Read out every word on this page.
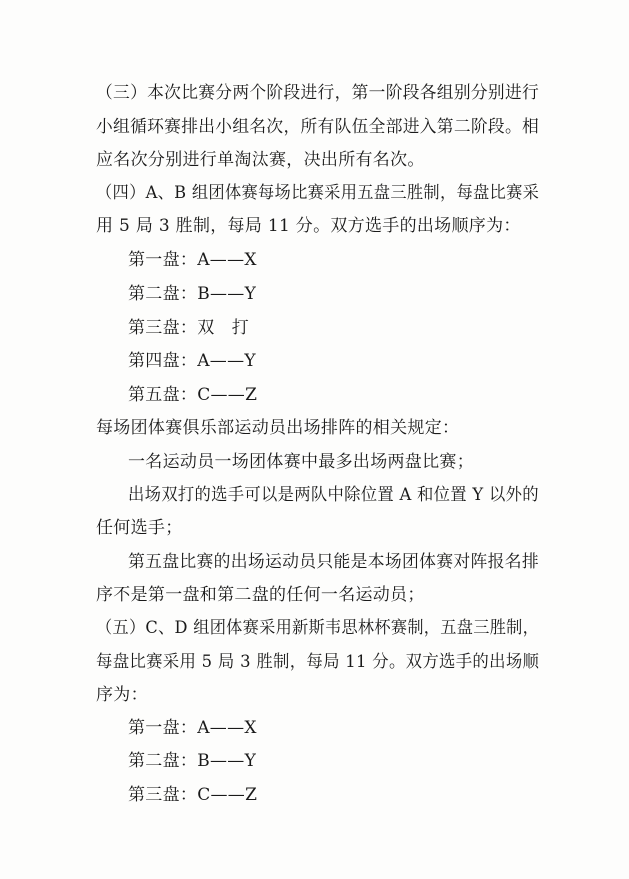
（三）本次比赛分两个阶段进行，第一阶段各组别分别进行
小组循环赛排出小组名次，所有队伍全部进入第二阶段。相
应名次分别进行单淘汰赛，决出所有名次。
（四）A、B 组团体赛每场比赛采用五盘三胜制，每盘比赛采
用 5 局 3 胜制，每局 11 分。双方选手的出场顺序为：
第一盘：A——X
第二盘：B——Y
第三盘：双　打
第四盘：A——Y
第五盘：C——Z
每场团体赛俱乐部运动员出场排阵的相关规定：
一名运动员一场团体赛中最多出场两盘比赛；
出场双打的选手可以是两队中除位置 A 和位置 Y 以外的
任何选手；
第五盘比赛的出场运动员只能是本场团体赛对阵报名排
序不是第一盘和第二盘的任何一名运动员；
（五）C、D 组团体赛采用新斯韦思林杯赛制，五盘三胜制，
每盘比赛采用 5 局 3 胜制，每局 11 分。双方选手的出场顺
序为：
第一盘：A——X
第二盘：B——Y
第三盘：C——Z
